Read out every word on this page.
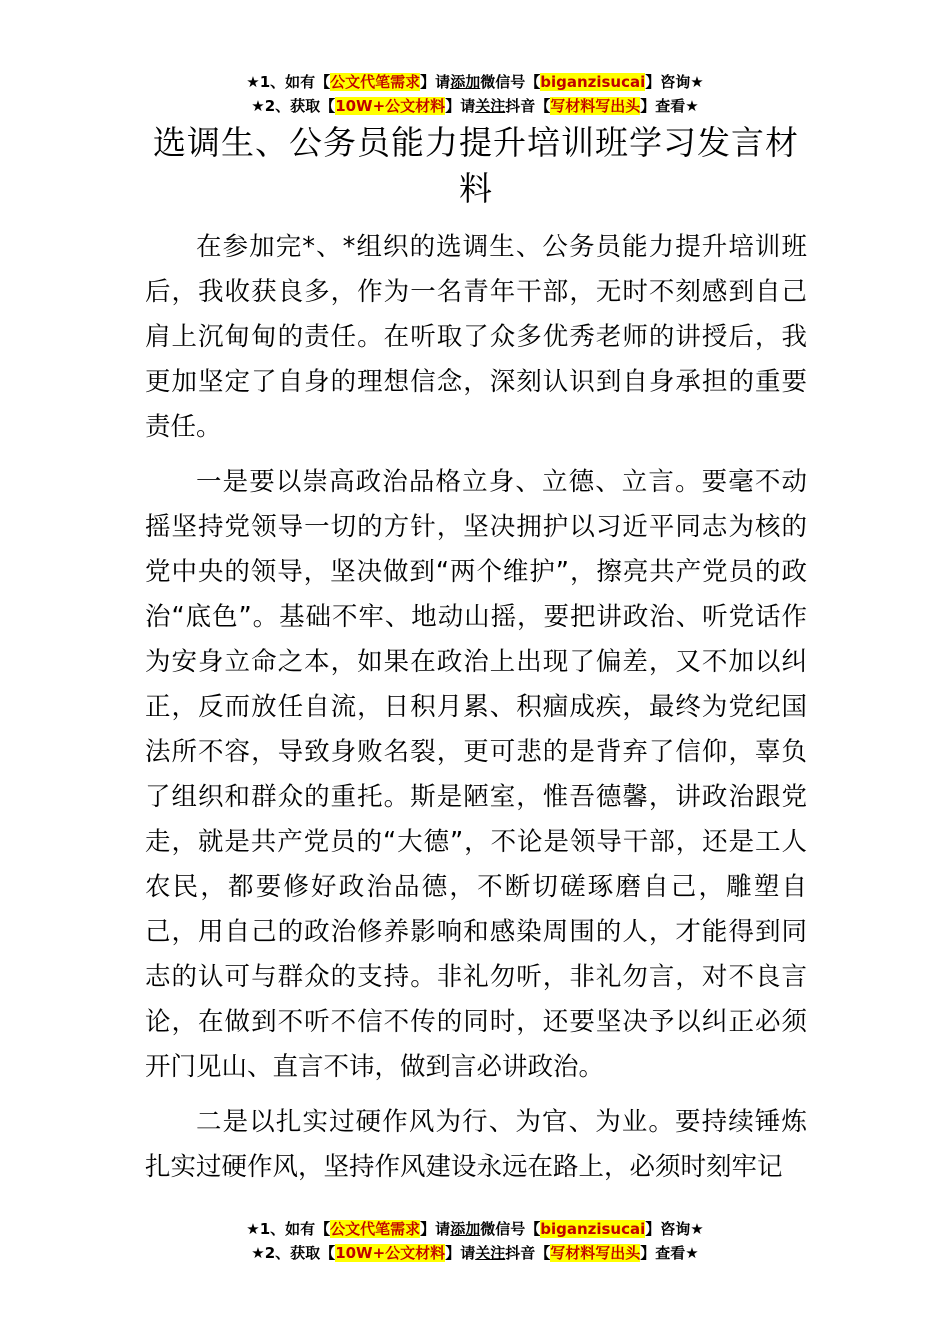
★1、如有【公文代笔需求】请添加微信号【biganzisucai】咨询★
★2、获取【10W+公文材料】请关注抖音【写材料写出头】查看★
选调生、公务员能力提升培训班学习发言材料

在参加完*、*组织的选调生、公务员能力提升培训班后，我收获良多，作为一名青年干部，无时不刻感到自己肩上沉甸甸的责任。在听取了众多优秀老师的讲授后，我更加坚定了自身的理想信念，深刻认识到自身承担的重要责任。

一是要以崇高政治品格立身、立德、立言。要毫不动摇坚持党领导一切的方针，坚决拥护以习近平同志为核的党中央的领导，坚决做到“两个维护”，擦亮共产党员的政治“底色”。基础不牢、地动山摇，要把讲政治、听党话作为安身立命之本，如果在政治上出现了偏差，又不加以纠正，反而放任自流，日积月累、积痼成疾，最终为党纪国法所不容，导致身败名裂，更可悲的是背弃了信仰，辜负了组织和群众的重托。斯是陋室，惟吾德馨，讲政治跟党走，就是共产党员的“大德”，不论是领导干部，还是工人农民，都要修好政治品德，不断切磋琢磨自己，雕塑自己，用自己的政治修养影响和感染周围的人，才能得到同志的认可与群众的支持。非礼勿听，非礼勿言，对不良言论，在做到不听不信不传的同时，还要坚决予以纠正必须开门见山、直言不讳，做到言必讲政治。

二是以扎实过硬作风为行、为官、为业。要持续锤炼扎实过硬作风，坚持作风建设永远在路上，必须时刻牢记

★1、如有【公文代笔需求】请添加微信号【biganzisucai】咨询★
★2、获取【10W+公文材料】请关注抖音【写材料写出头】查看★
